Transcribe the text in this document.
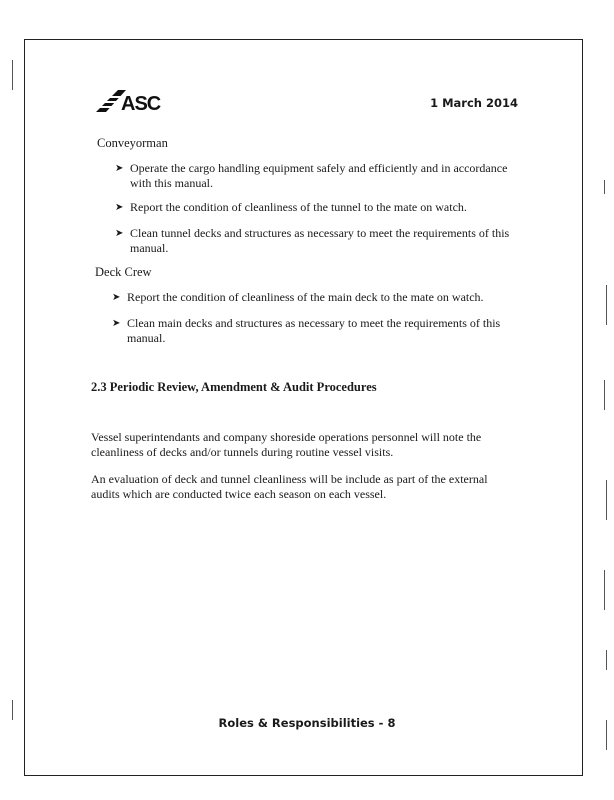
ASC	1 March 2014
Conveyorman
➤ Operate the cargo handling equipment safely and efficiently and in accordance with this manual.
➤ Report the condition of cleanliness of the tunnel to the mate on watch.
➤ Clean tunnel decks and structures as necessary to meet the requirements of this manual.
Deck Crew
➤ Report the condition of cleanliness of the main deck to the mate on watch.
➤ Clean main decks and structures as necessary to meet the requirements of this manual.
2.3 Periodic Review, Amendment & Audit Procedures
Vessel superintendants and company shoreside operations personnel will note the cleanliness of decks and/or tunnels during routine vessel visits.
An evaluation of deck and tunnel cleanliness will be include as part of the external audits which are conducted twice each season on each vessel.
Roles & Responsibilities - 8
